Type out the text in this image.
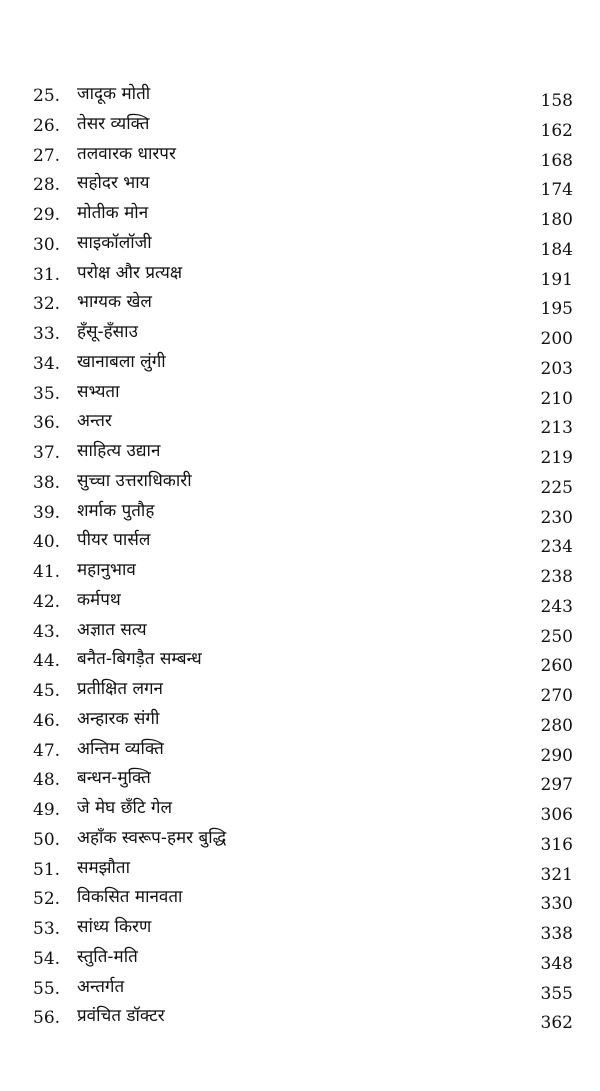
25. जादूक मोती	158
26. तेसर व्यक्ति	162
27. तलवारक धारपर	168
28. सहोदर भाय	174
29. मोतीक मोन	180
30. साइकॉलॉजी	184
31. परोक्ष और प्रत्यक्ष	191
32. भाग्यक खेल	195
33. हँसू-हँसाउ	200
34. खानाबला लुंगी	203
35. सभ्यता	210
36. अन्तर	213
37. साहित्य उद्यान	219
38. सुच्चा उत्तराधिकारी	225
39. शर्माक पुतौह	230
40. पीयर पार्सल	234
41. महानुभाव	238
42. कर्मपथ	243
43. अज्ञात सत्य	250
44. बनैत-बिगड़ैत सम्बन्ध	260
45. प्रतीक्षित लगन	270
46. अन्हारक संगी	280
47. अन्तिम व्यक्ति	290
48. बन्धन-मुक्ति	297
49. जे मेघ छँटि गेल	306
50. अहाँक स्वरूप-हमर बुद्धि	316
51. समझौता	321
52. विकसित मानवता	330
53. सांध्य किरण	338
54. स्तुति-मति	348
55. अन्तर्गत	355
56. प्रवंचित डॉक्टर	362
